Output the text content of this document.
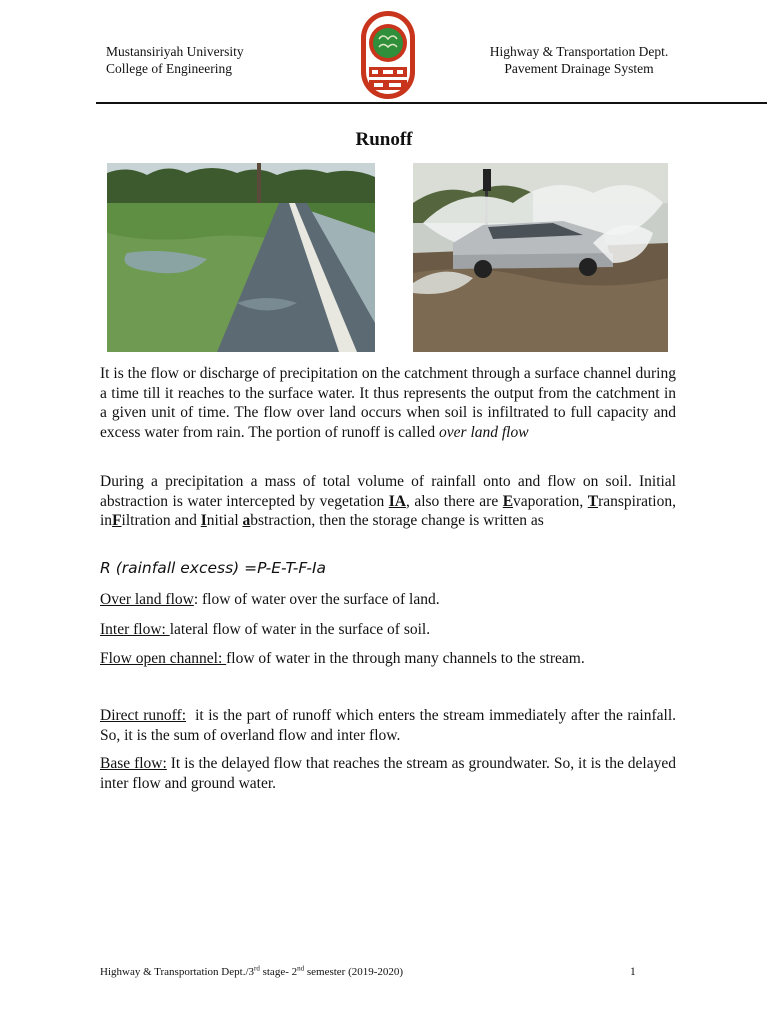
Mustansiriyah University
College of Engineering
Highway & Transportation Dept.
Pavement Drainage System
Runoff
It is the flow or discharge of precipitation on the catchment through a surface channel during a time till it reaches to the surface water. It thus represents the output from the catchment in a given unit of time. The flow over land occurs when soil is infiltrated to full capacity and excess water from rain. The portion of runoff is called over land flow
During a precipitation a mass of total volume of rainfall onto and flow on soil. Initial abstraction is water intercepted by vegetation IA, also there are Evaporation, Transpiration, inFiltration and Initial abstraction, then the storage change is written as
R (rainfall excess) =P-E-T-F-Ia
Over land flow: flow of water over the surface of land.
Inter flow: lateral flow of water in the surface of soil.
Flow open channel: flow of water in the through many channels to the stream.
Direct runoff:  it is the part of runoff which enters the stream immediately after the rainfall. So, it is the sum of overland flow and inter flow.
Base flow: It is the delayed flow that reaches the stream as groundwater. So, it is the delayed inter flow and ground water.
Highway & Transportation Dept./3rd stage- 2nd semester (2019-2020)	1
